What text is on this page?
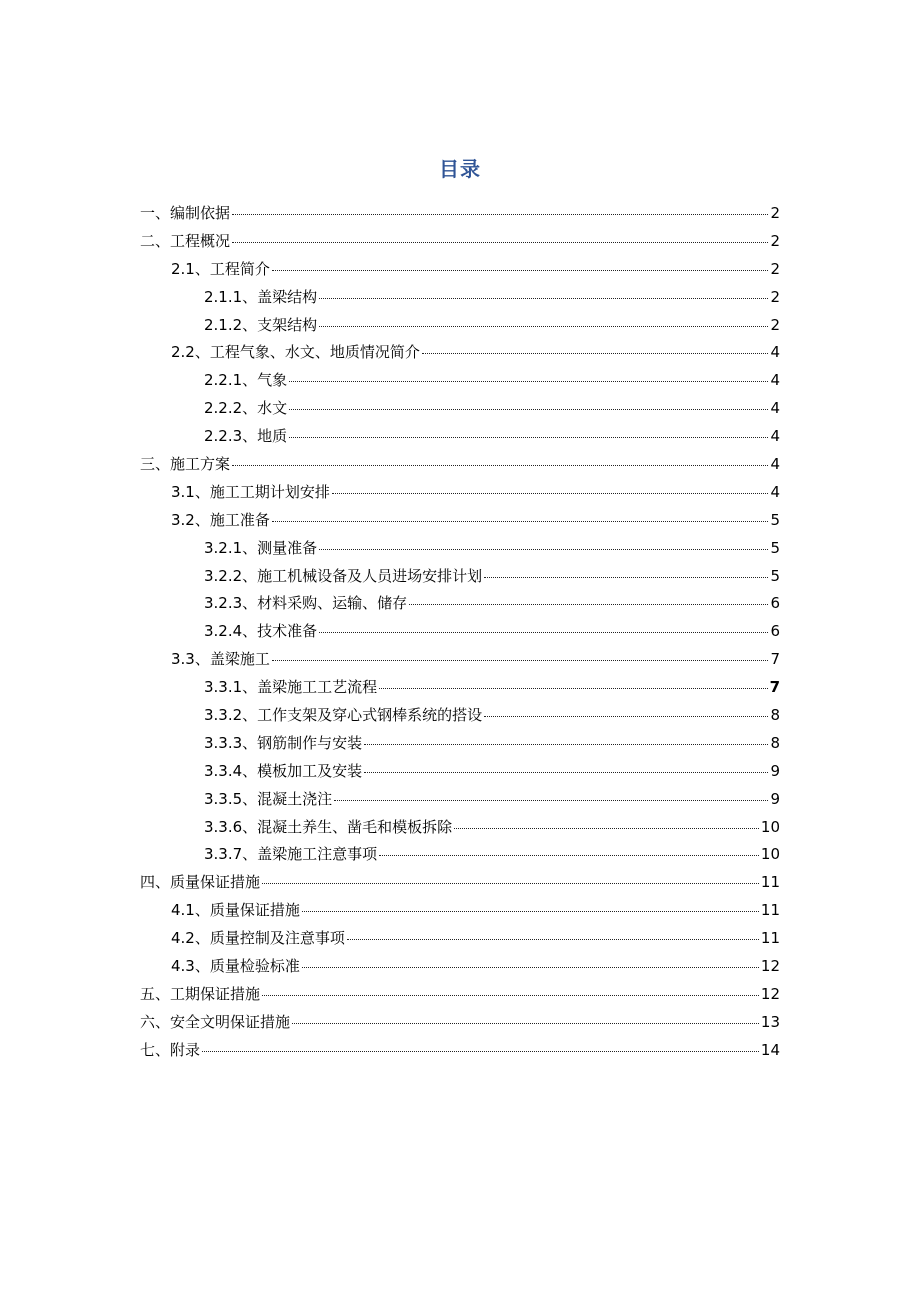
目录
一、编制依据	2
二、工程概况	2
2.1、工程简介	2
2.1.1、盖梁结构	2
2.1.2、支架结构	2
2.2、工程气象、水文、地质情况简介	4
2.2.1、气象	4
2.2.2、水文	4
2.2.3、地质	4
三、施工方案	4
3.1、施工工期计划安排	4
3.2、施工准备	5
3.2.1、测量准备	5
3.2.2、施工机械设备及人员进场安排计划	5
3.2.3、材料采购、运输、储存	6
3.2.4、技术准备	6
3.3、盖梁施工	7
3.3.1、盖梁施工工艺流程	7
3.3.2、工作支架及穿心式钢棒系统的搭设	8
3.3.3、钢筋制作与安装	8
3.3.4、模板加工及安装	9
3.3.5、混凝土浇注	9
3.3.6、混凝土养生、凿毛和模板拆除	10
3.3.7、盖梁施工注意事项	10
四、质量保证措施	11
4.1、质量保证措施	11
4.2、质量控制及注意事项	11
4.3、质量检验标准	12
五、工期保证措施	12
六、安全文明保证措施	13
七、附录	14
